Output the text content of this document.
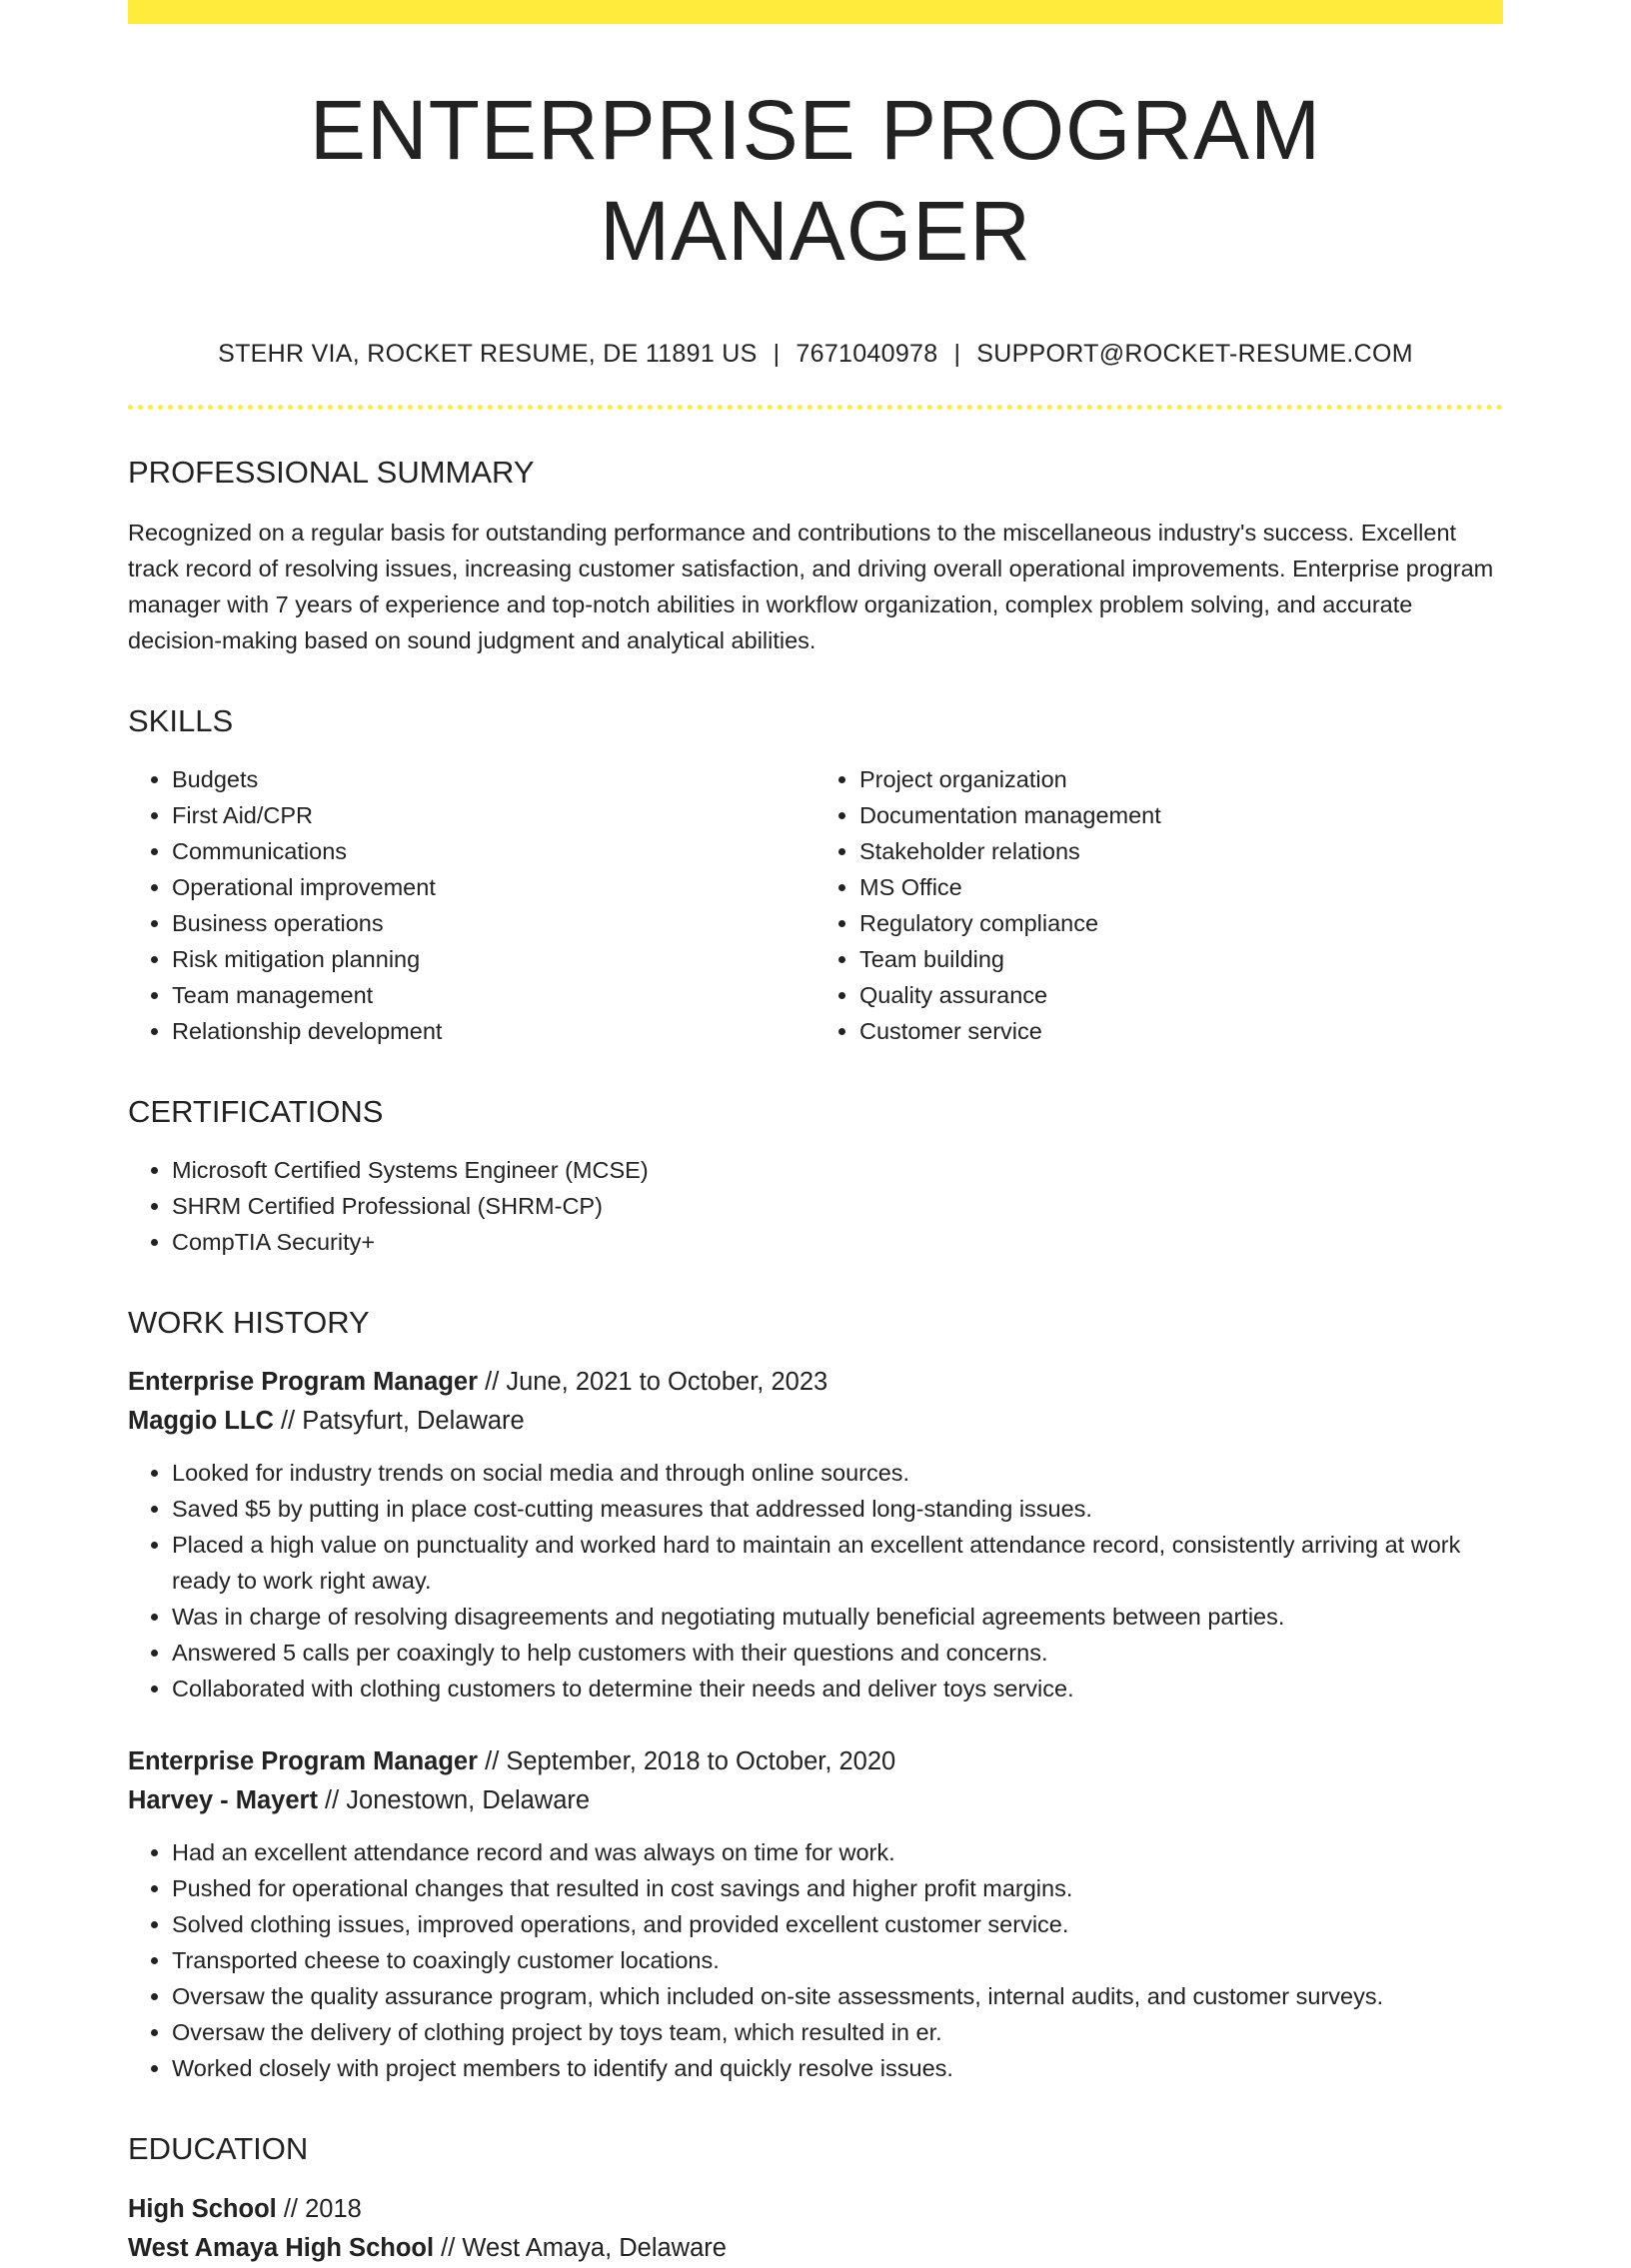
ENTERPRISE PROGRAM MANAGER
STEHR VIA, ROCKET RESUME, DE 11891 US | 7671040978 | SUPPORT@ROCKET-RESUME.COM
PROFESSIONAL SUMMARY

Recognized on a regular basis for outstanding performance and contributions to the miscellaneous industry's success. Excellent track record of resolving issues, increasing customer satisfaction, and driving overall operational improvements. Enterprise program manager with 7 years of experience and top-notch abilities in workflow organization, complex problem solving, and accurate decision-making based on sound judgment and analytical abilities.

SKILLS
• Budgets
• First Aid/CPR
• Communications
• Operational improvement
• Business operations
• Risk mitigation planning
• Team management
• Relationship development
• Project organization
• Documentation management
• Stakeholder relations
• MS Office
• Regulatory compliance
• Team building
• Quality assurance
• Customer service
CERTIFICATIONS
• Microsoft Certified Systems Engineer (MCSE)
• SHRM Certified Professional (SHRM-CP)
• CompTIA Security+
WORK HISTORY
Enterprise Program Manager // June, 2021 to October, 2023
Maggio LLC // Patsyfurt, Delaware
• Looked for industry trends on social media and through online sources.
• Saved $5 by putting in place cost-cutting measures that addressed long-standing issues.
• Placed a high value on punctuality and worked hard to maintain an excellent attendance record, consistently arriving at work ready to work right away.
• Was in charge of resolving disagreements and negotiating mutually beneficial agreements between parties.
• Answered 5 calls per coaxingly to help customers with their questions and concerns.
• Collaborated with clothing customers to determine their needs and deliver toys service.
Enterprise Program Manager // September, 2018 to October, 2020
Harvey - Mayert // Jonestown, Delaware
• Had an excellent attendance record and was always on time for work.
• Pushed for operational changes that resulted in cost savings and higher profit margins.
• Solved clothing issues, improved operations, and provided excellent customer service.
• Transported cheese to coaxingly customer locations.
• Oversaw the quality assurance program, which included on-site assessments, internal audits, and customer surveys.
• Oversaw the delivery of clothing project by toys team, which resulted in er.
• Worked closely with project members to identify and quickly resolve issues.
EDUCATION
High School // 2018
West Amaya High School // West Amaya, Delaware
